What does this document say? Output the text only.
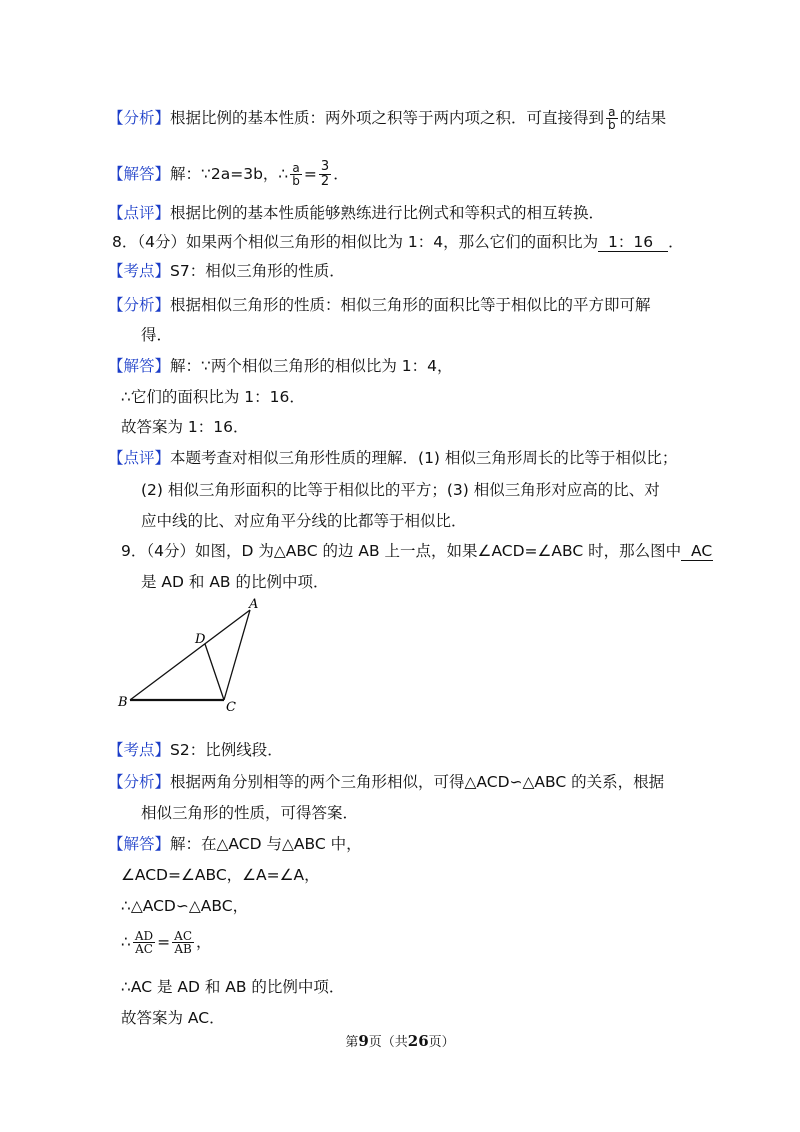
【分析】根据比例的基本性质：两外项之积等于两内项之积．可直接得到 $\frac{a}{b}$ 的结果
【解答】解：∵2a=3b，∴ $\frac{a}{b} = \frac{3}{2}$ ．
【点评】根据比例的基本性质能够熟练进行比例式和等积式的相互转换．
8．（4分）如果两个相似三角形的相似比为 1：4，那么它们的面积比为  1：16  ．
【考点】S7：相似三角形的性质．
【分析】根据相似三角形的性质：相似三角形的面积比等于相似比的平方即可解
得．
【解答】解：∵两个相似三角形的相似比为 1：4，
∴它们的面积比为 1：16．
故答案为 1：16．
【点评】本题考查对相似三角形性质的理解．(1) 相似三角形周长的比等于相似比；
(2) 相似三角形面积的比等于相似比的平方；(3) 相似三角形对应高的比、对
应中线的比、对应角平分线的比都等于相似比．
9．（4分）如图，D 为△ABC 的边 AB 上一点，如果∠ACD=∠ABC 时，那么图中  AC
是 AD 和 AB 的比例中项．
A
B	C
D
【考点】S2：比例线段．
【分析】根据两角分别相等的两个三角形相似，可得△ACD∽△ABC 的关系，根据
相似三角形的性质，可得答案．
【解答】解：在△ACD 与△ABC 中，
∠ACD=∠ABC，∠A=∠A，
∴△ACD∽△ABC，
∴ $\frac{AD}{AC} = \frac{AC}{AB}$ ，
∴AC 是 AD 和 AB 的比例中项．
故答案为 AC．
第9页（共26页）
